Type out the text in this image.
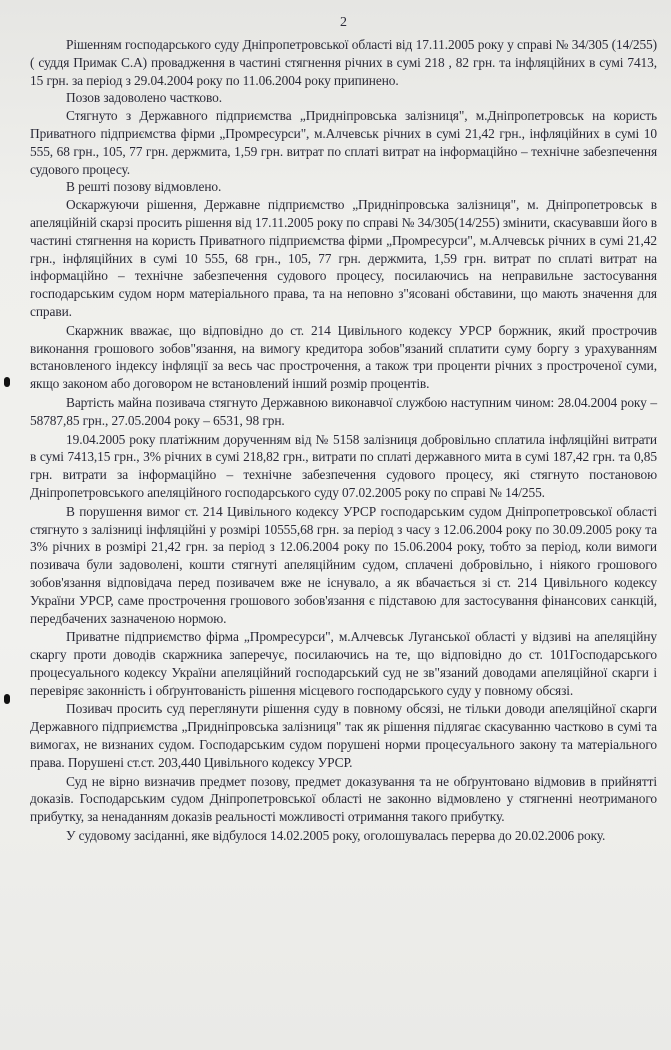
2

Рішенням господарського суду Дніпропетровської області від 17.11.2005 року у справі № 34/305 (14/255) ( суддя Примак С.А) провадження в частині стягнення річних в сумі 218 , 82 грн. та інфляційних в сумі 7413, 15 грн. за період з 29.04.2004 року по 11.06.2004 року припинено.

Позов задоволено частково.

Стягнуто з Державного підприємства „Придніпровська залізниця", м.Дніпропетровськ на користь Приватного підприємства фірми „Промресурси", м.Алчевськ річних в сумі 21,42 грн., інфляційних в сумі 10 555, 68 грн., 105, 77 грн. держмита, 1,59 грн. витрат по сплаті витрат на інформаційно – технічне забезпечення судового процесу.

В решті позову відмовлено.

Оскаржуючи рішення, Державне підприємство „Придніпровська залізниця", м. Дніпропетровськ в апеляційній скарзі просить рішення від 17.11.2005 року по справі № 34/305(14/255) змінити, скасувавши його в частині стягнення на користь Приватного підприємства фірми „Промресурси", м.Алчевськ річних в сумі 21,42 грн., інфляційних в сумі 10 555, 68 грн., 105, 77 грн. держмита, 1,59 грн. витрат по сплаті витрат на інформаційно – технічне забезпечення судового процесу, посилаючись на неправильне застосування господарським судом норм матеріального права, та на неповно з"ясовані обставини, що мають значення для справи.

Скаржник вважає, що відповідно до ст. 214 Цивільного кодексу УРСР боржник, який прострочив виконання грошового зобов"язання, на вимогу кредитора зобов"язаний сплатити суму боргу з урахуванням встановленого індексу інфляції за весь час прострочення, а також три проценти річних з простроченої суми, якщо законом або договором не встановлений інший розмір процентів.

Вартість майна позивача стягнуто Державною виконавчої службою наступним чином: 28.04.2004 року – 58787,85 грн., 27.05.2004 року – 6531, 98 грн.

19.04.2005 року платіжним дорученням від № 5158 залізниця добровільно сплатила інфляційні витрати в сумі 7413,15 грн., 3% річних в сумі 218,82 грн., витрати по сплаті державного мита в сумі 187,42 грн. та 0,85 грн. витрати за інформаційно – технічне забезпечення судового процесу, які стягнуто постановою Дніпропетровського апеляційного господарського суду 07.02.2005 року по справі № 14/255.

В порушення вимог ст. 214 Цивільного кодексу УРСР господарським судом Дніпропетровської області стягнуто з залізниці інфляційні у розмірі 10555,68 грн. за період з часу з 12.06.2004 року по 30.09.2005 року та 3% річних в розмірі 21,42 грн. за період з 12.06.2004 року по 15.06.2004 року, тобто за період, коли вимоги позивача були задоволені, кошти стягнуті апеляційним судом, сплачені добровільно, і ніякого грошового зобов'язання відповідача перед позивачем вже не існувало, а як вбачається зі ст. 214 Цивільного кодексу України УРСР, саме прострочення грошового зобов'язання є підставою для застосування фінансових санкцій, передбачених зазначеною нормою.

Приватне підприємство фірма „Промресурси", м.Алчевськ Луганської області у відзиві на апеляційну скаргу проти доводів скаржника заперечує, посилаючись на те, що відповідно до ст. 101Господарського процесуального кодексу України апеляційний господарський суд не зв"язаний доводами апеляційної скарги і перевіряє законність і обґрунтованість рішення місцевого господарського суду у повному обсязі.

Позивач просить суд переглянути рішення суду в повному обсязі, не тільки доводи апеляційної скарги Державного підприємства „Придніпровська залізниця" так як рішення підлягає скасуванню частково в сумі та вимогах, не визнаних судом. Господарським судом порушені норми процесуального закону та матеріального права. Порушені ст.ст. 203,440 Цивільного кодексу УРСР.

Суд не вірно визначив предмет позову, предмет доказування та не обґрунтовано відмовив в прийнятті доказів. Господарським судом Дніпропетровської області не законно відмовлено у стягненні неотриманого прибутку, за ненаданням доказів реальності можливості отримання такого прибутку.

У судовому засіданні, яке відбулося 14.02.2005 року, оголошувалась перерва до 20.02.2006 року.
